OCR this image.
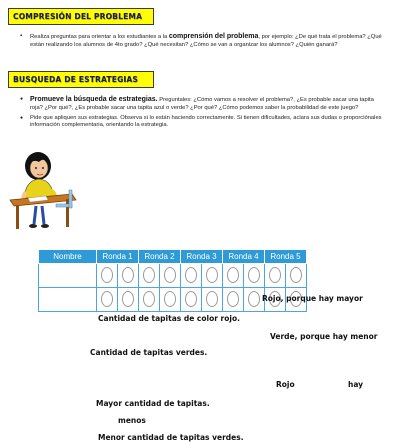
COMPRESIÓN DEL PROBLEMA
▪ Realiza preguntas para orientar a los estudiantes a la comprensión del problema, por ejemplo: ¿De qué trata el problema? ¿Qué están realizando los alumnos de 4to grado? ¿Qué necesitan? ¿Cómo se van a organizar los alumnos? ¿Quién ganará?
BUSQUEDA DE ESTRATEGIAS
● Promueve la búsqueda de estrategias. Preguntales: ¿Cómo vamos a resolver el problema?, ¿Es probable sacar una tapita roja? ¿Por qué?, ¿Es probable sacar una tapita azul o verde? ¿Por qué? ¿Cómo podemos saber la probabilidad de este juego?
● Pide que apliquen sus estrategias. Observa si lo están haciendo correctamente. Si tienen dificultades, aclara sus dudas o proporciónales información complementaria, orientando la estrategia.
Nombre	Ronda 1		Ronda 2		Ronda 3		Ronda 4		Ronda 5	

Rojo, porque hay mayor
Cantidad de tapitas de color rojo.
Verde, porque hay menor
Cantidad de tapitas verdes.
Rojo	hay
Mayor cantidad de tapitas.
menos
Menor cantidad de tapitas verdes.
